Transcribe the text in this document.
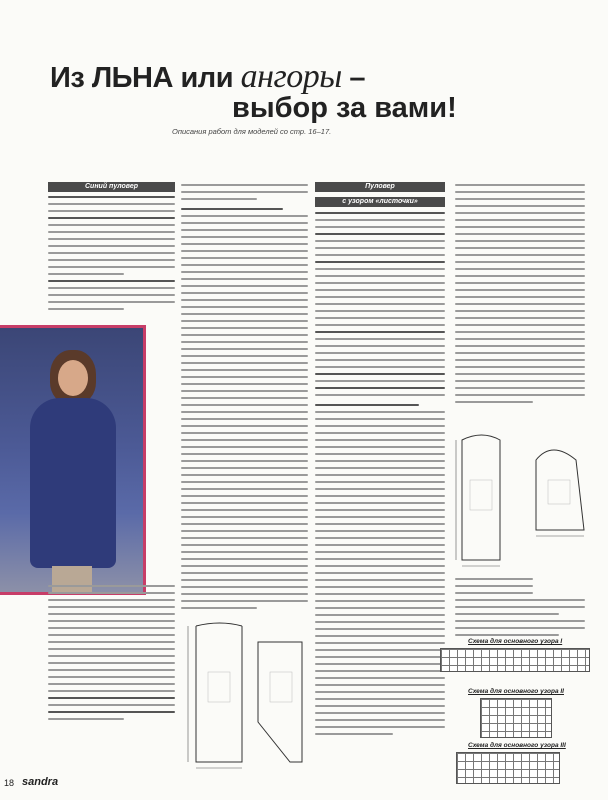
Из ЛЬНА или ангоры –
выбор за вами!
Описания работ для моделей со стр. 16–17.
Синий пуловер	Пуловер
с узором «листочки»
Схема для основного узора I
Схема для основного узора II
Схема для основного узора III
18 sandra
